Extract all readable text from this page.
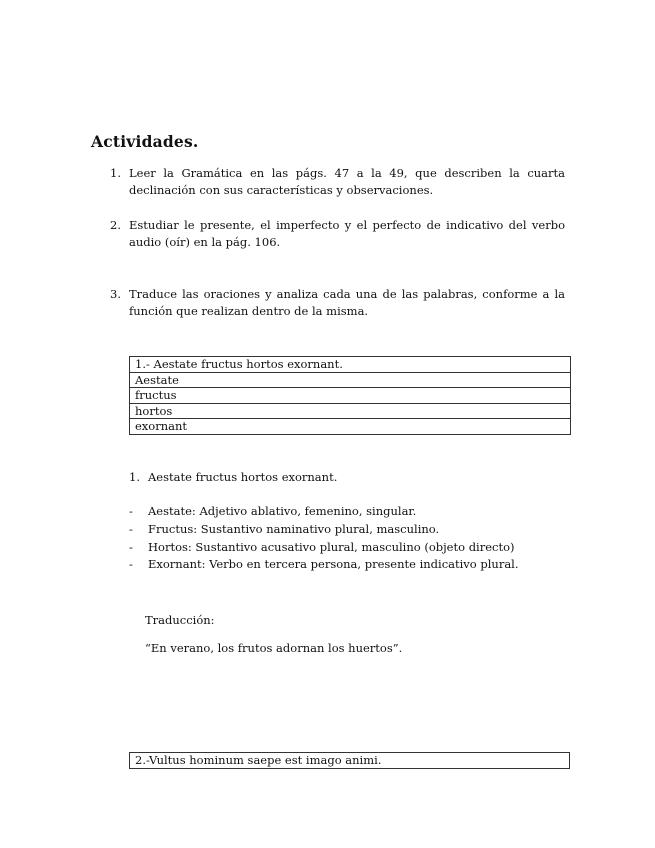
Actividades.
1. Leer la Gramática en las págs. 47 a la 49, que describen la cuarta declinación con sus características y observaciones.
2. Estudiar le presente, el imperfecto y el perfecto de indicativo del verbo audio (oír) en la pág. 106.
3. Traduce las oraciones y analiza cada una de las palabras, conforme a la función que realizan dentro de la misma.
1.- Aestate fructus hortos exornant.
Aestate
fructus
hortos
exornant
1. Aestate fructus hortos exornant.
- Aestate: Adjetivo ablativo, femenino, singular.
- Fructus: Sustantivo naminativo plural, masculino.
- Hortos: Sustantivo acusativo plural, masculino (objeto directo)
- Exornant: Verbo en tercera persona, presente indicativo plural.
Traducción:
“En verano, los frutos adornan los huertos”.
2.-Vultus hominum saepe est imago animi.
